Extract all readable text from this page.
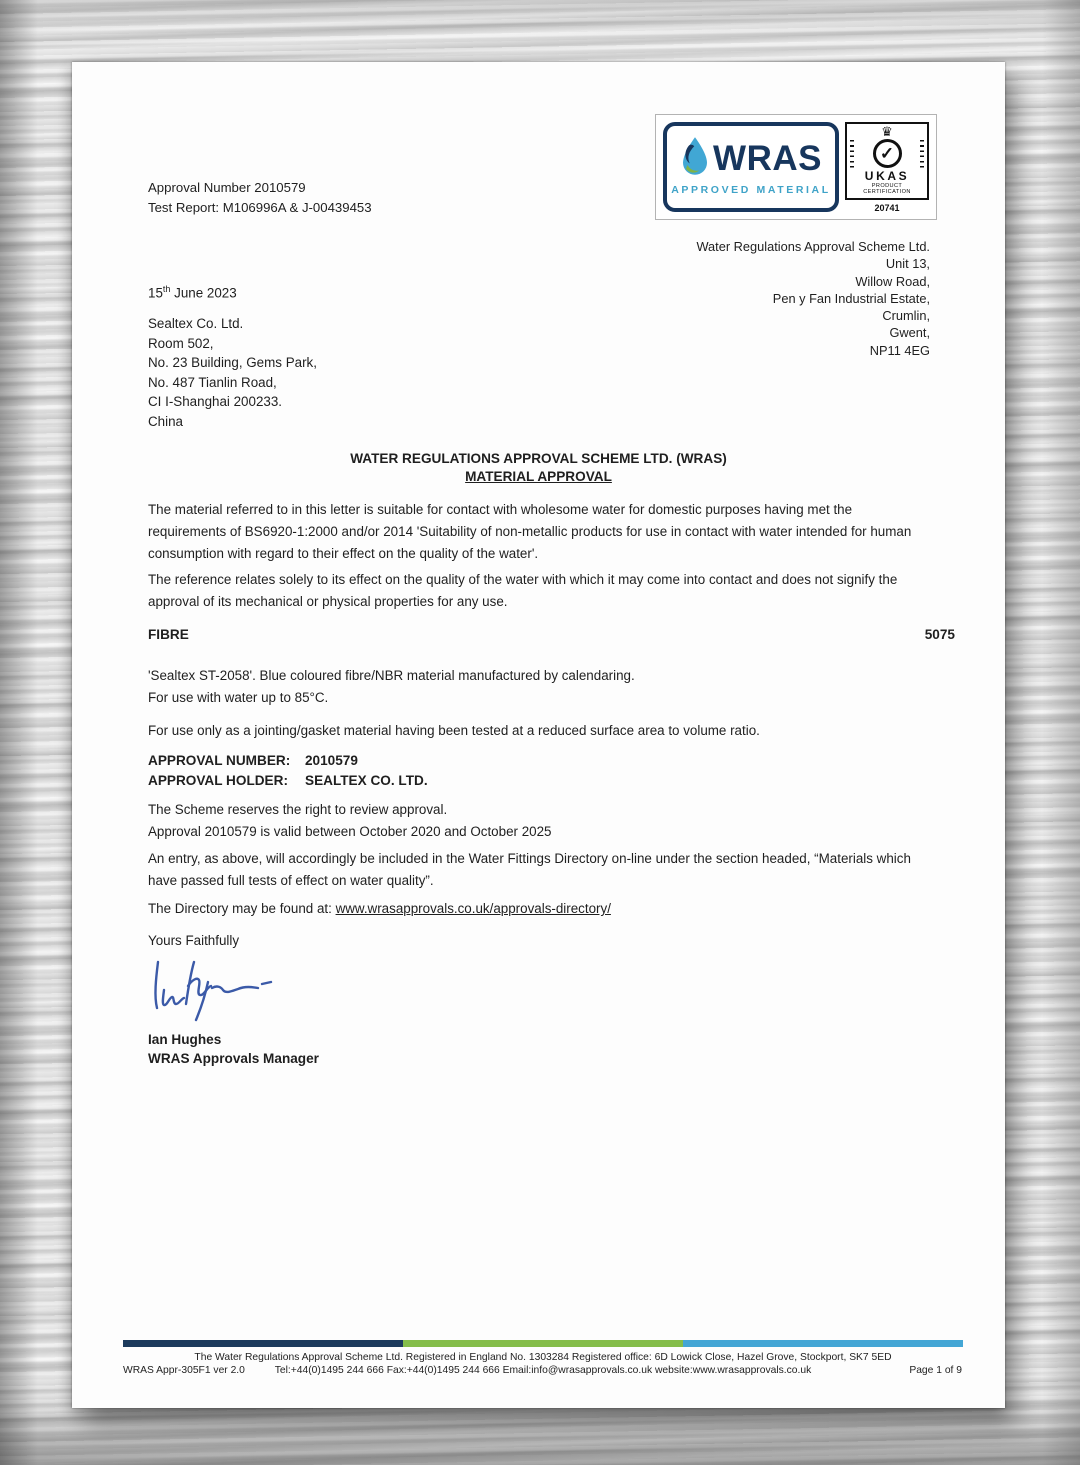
Approval Number 2010579
Test Report: M106996A & J-00439453
WRAS
APPROVED MATERIAL
♛
✓
UKAS
PRODUCT
CERTIFICATION
20741
Water Regulations Approval Scheme Ltd.
Unit 13,
Willow Road,
Pen y Fan Industrial Estate,
Crumlin,
Gwent,
NP11 4EG
15th June 2023
Sealtex Co. Ltd.
Room 502,
No. 23 Building, Gems Park,
No. 487 Tianlin Road,
CI I-Shanghai 200233.
China
WATER REGULATIONS APPROVAL SCHEME LTD. (WRAS)
MATERIAL APPROVAL
The material referred to in this letter is suitable for contact with wholesome water for domestic purposes having met the
requirements of BS6920-1:2000 and/or 2014 'Suitability of non-metallic products for use in contact with water intended for human
consumption with regard to their effect on the quality of the water'.
The reference relates solely to its effect on the quality of the water with which it may come into contact and does not signify the
approval of its mechanical or physical properties for any use.
FIBRE	5075
'Sealtex ST-2058'. Blue coloured fibre/NBR material manufactured by calendaring.
For use with water up to 85°C.
For use only as a jointing/gasket material having been tested at a reduced surface area to volume ratio.
APPROVAL NUMBER: 2010579
APPROVAL HOLDER: SEALTEX CO. LTD.
The Scheme reserves the right to review approval.
Approval 2010579 is valid between October 2020 and October 2025
An entry, as above, will accordingly be included in the Water Fittings Directory on-line under the section headed, “Materials which
have passed full tests of effect on water quality”.
The Directory may be found at: www.wrasapprovals.co.uk/approvals-directory/
Yours Faithfully
Ian Hughes
WRAS Approvals Manager
The Water Regulations Approval Scheme Ltd. Registered in England No. 1303284 Registered office: 6D Lowick Close, Hazel Grove, Stockport, SK7 5ED
WRAS Appr-305F1 ver 2.0	Tel:+44(0)1495 244 666 Fax:+44(0)1495 244 666 Email:info@wrasapprovals.co.uk website:www.wrasapprovals.co.uk	Page 1 of 9
